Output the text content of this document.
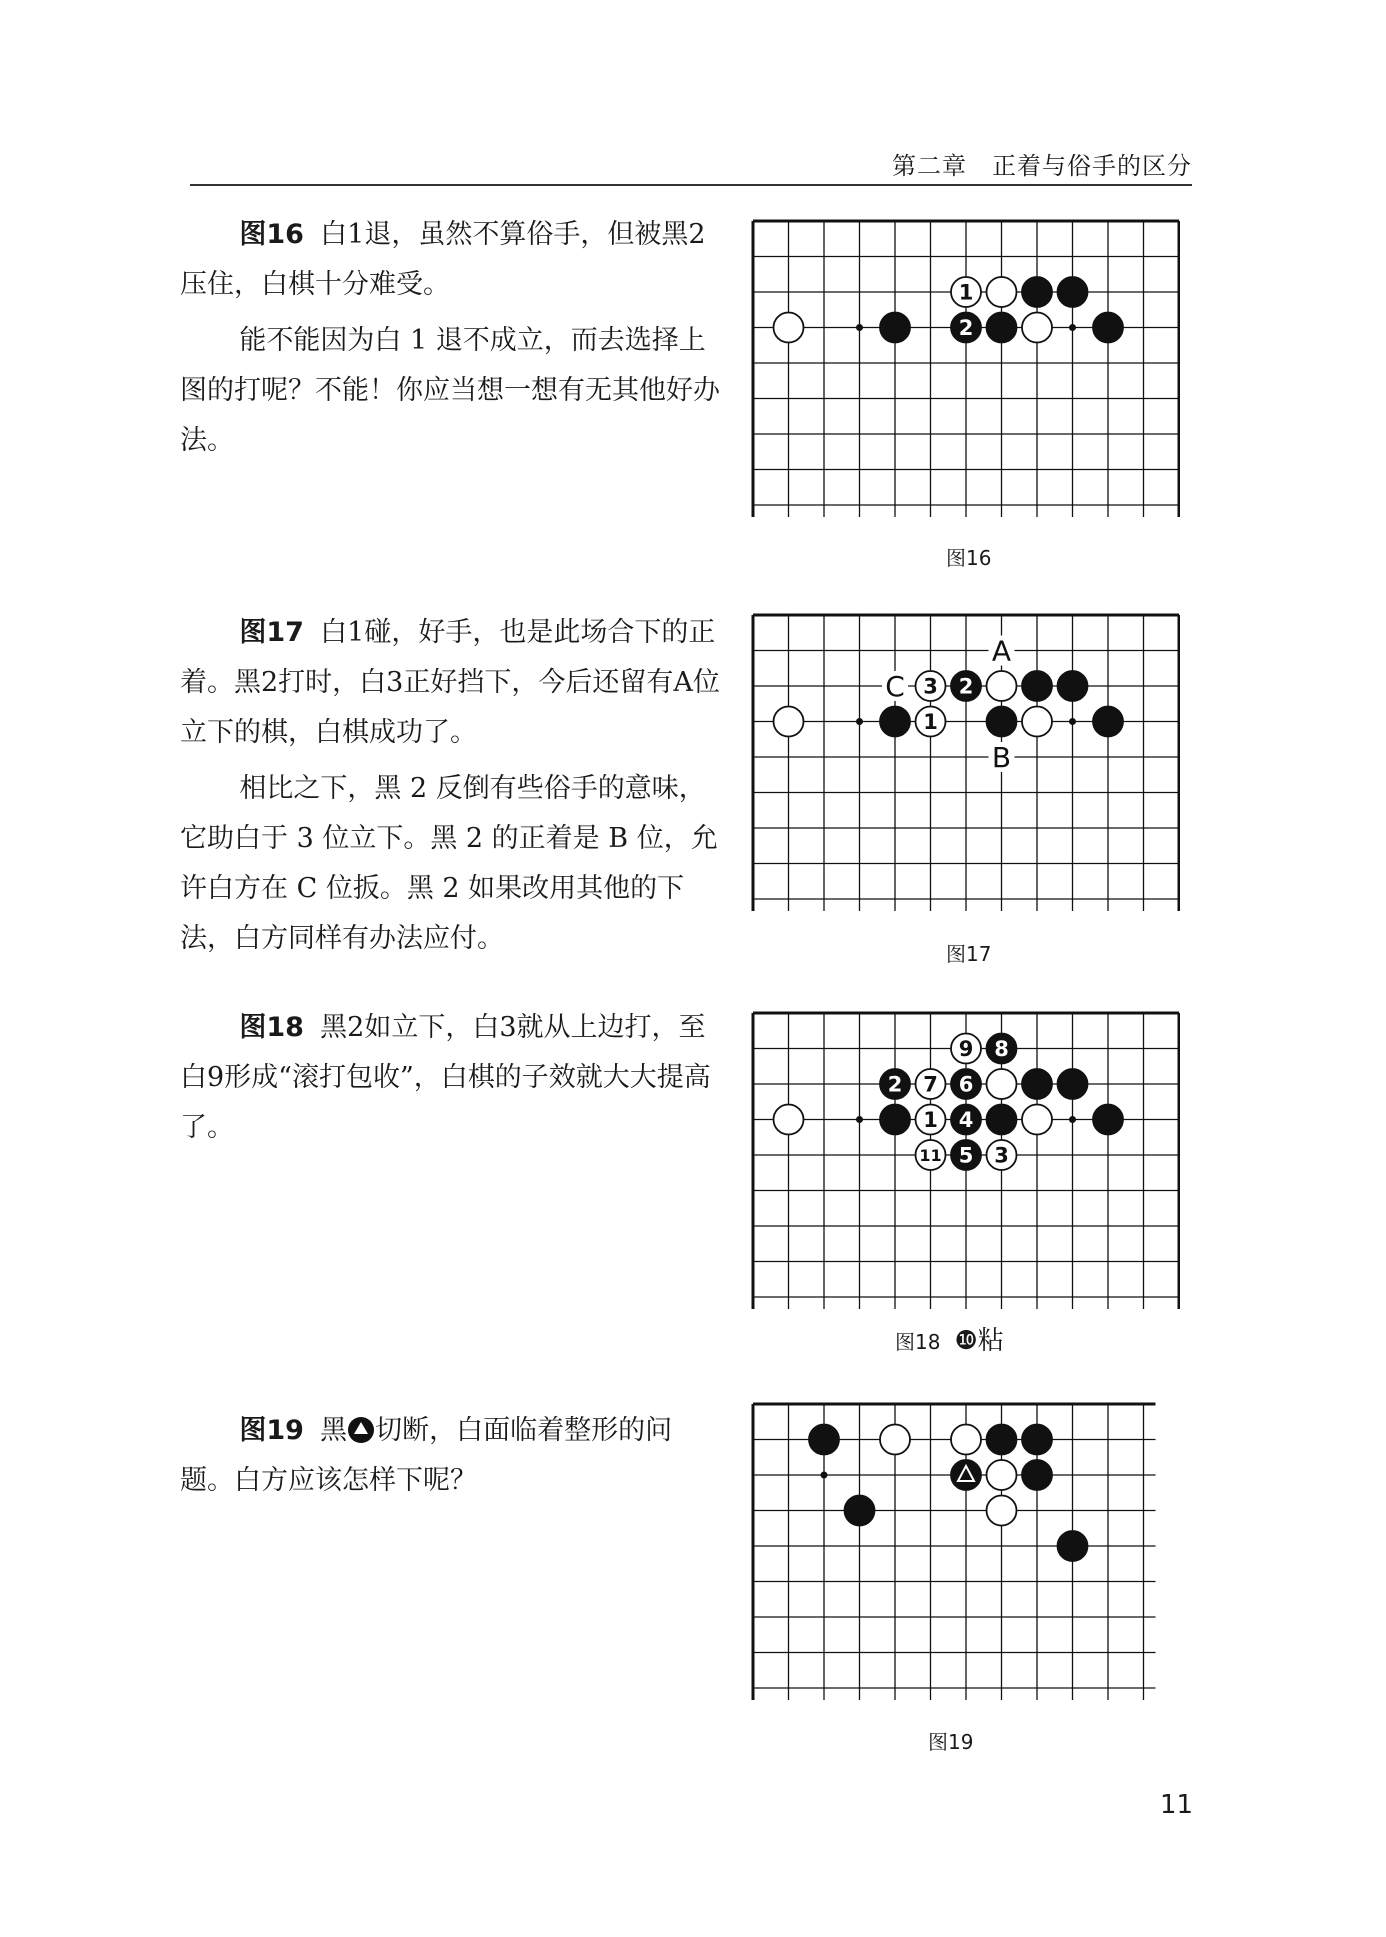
第二章　正着与俗手的区分

图16 白1退，虽然不算俗手，但被黑2压住，白棋十分难受。

能不能因为白 1 退不成立，而去选择上图的打呢？不能！你应当想一想有无其他好办法。

1
2
图16

图17 白1碰，好手，也是此场合下的正着。黑2打时，白3正好挡下，今后还留有A位立下的棋，白棋成功了。

相比之下，黑 2 反倒有些俗手的意味，它助白于 3 位立下。黑 2 的正着是 B 位，允许白方在 C 位扳。黑 2 如果改用其他的下法，白方同样有办法应付。

A
C
B
1
3 2
图17

图18 黑2如立下，白3就从上边打，至白9形成“滚打包收”，白棋的子效就大大提高了。	1
2 7 6
4
9 8
11 5 3
图18 ❿粘

图19 黑 切断，白面临着整形的问题。白方应该怎样下呢？

图19
11
